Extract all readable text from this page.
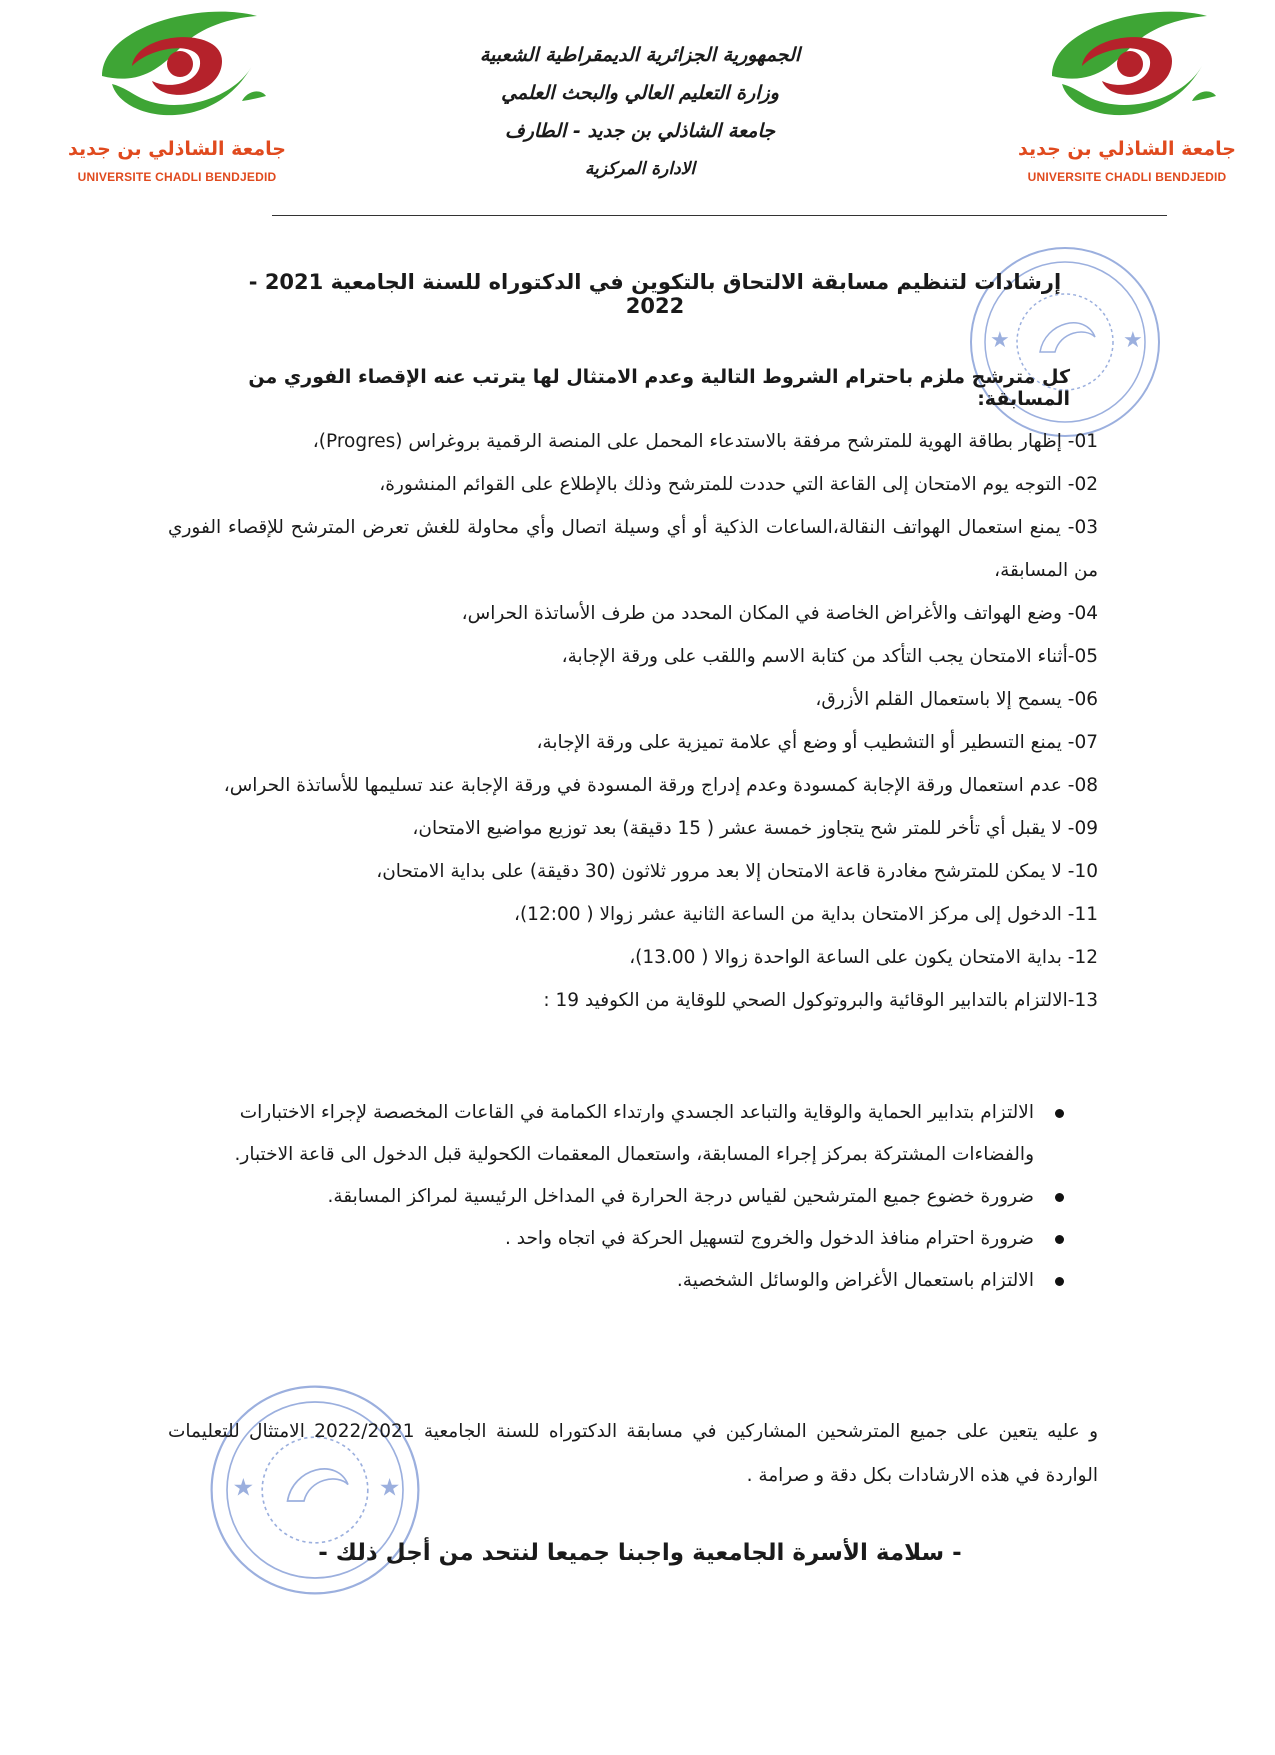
جامعة الشاذلي بن جديد
UNIVERSITE CHADLI BENDJEDID
جامعة الشاذلي بن جديد
UNIVERSITE CHADLI BENDJEDID
الجمهورية الجزائرية الديمقراطية الشعبية
وزارة التعليم العالي والبحث العلمي
جامعة الشاذلي بن جديد - الطارف
الادارة المركزية
★	★
إرشادات لتنظيم مسابقة الالتحاق بالتكوين في الدكتوراه للسنة الجامعية 2021 - 2022
كل مترشح ملزم باحترام الشروط التالية وعدم الامتثال لها يترتب عنه الإقصاء الفوري من المسابقة:
01- إظهار بطاقة الهوية للمترشح مرفقة بالاستدعاء المحمل على المنصة الرقمية بروغراس (Progres)،
02- التوجه يوم الامتحان إلى القاعة التي حددت للمترشح وذلك بالإطلاع على القوائم المنشورة،
03- يمنع استعمال الهواتف النقالة،الساعات الذكية أو أي وسيلة اتصال وأي محاولة للغش تعرض المترشح للإقصاء الفوري من المسابقة،
04- وضع الهواتف والأغراض الخاصة في المكان المحدد من طرف الأساتذة الحراس،
05-أثناء الامتحان يجب التأكد من كتابة الاسم واللقب على ورقة الإجابة،
06- يسمح إلا باستعمال القلم الأزرق،
07- يمنع التسطير أو التشطيب أو وضع أي علامة تميزية على ورقة الإجابة،
08- عدم استعمال ورقة الإجابة كمسودة وعدم إدراج ورقة المسودة في ورقة الإجابة عند تسليمها للأساتذة الحراس،
09- لا يقبل أي تأخر للمتر شح يتجاوز خمسة عشر ( 15 دقيقة) بعد توزيع مواضيع الامتحان،
10- لا يمكن للمترشح مغادرة قاعة الامتحان إلا بعد مرور ثلاثون (30 دقيقة) على بداية الامتحان،
11- الدخول إلى مركز الامتحان بداية من الساعة الثانية عشر زوالا ( 12:00)،
12- بداية الامتحان يكون على الساعة الواحدة زوالا ( 13.00)،
13-الالتزام بالتدابير الوقائية والبروتوكول الصحي للوقاية من الكوفيد 19 :
الالتزام بتدابير الحماية والوقاية والتباعد الجسدي وارتداء الكمامة في القاعات المخصصة لإجراء الاختبارات والفضاءات المشتركة بمركز إجراء المسابقة، واستعمال المعقمات الكحولية قبل الدخول الى قاعة الاختبار.
ضرورة خضوع جميع المترشحين لقياس درجة الحرارة في المداخل الرئيسية لمراكز المسابقة.
ضرورة احترام منافذ الدخول والخروج لتسهيل الحركة في اتجاه واحد .
الالتزام باستعمال الأغراض والوسائل الشخصية.
★	★
و عليه يتعين على جميع المترشحين المشاركين في مسابقة الدكتوراه للسنة الجامعية 2022/2021 الامتثال للتعليمات الواردة في هذه الارشادات بكل دقة و صرامة .
- سلامة الأسرة الجامعية واجبنا جميعا لنتحد من أجل ذلك -
